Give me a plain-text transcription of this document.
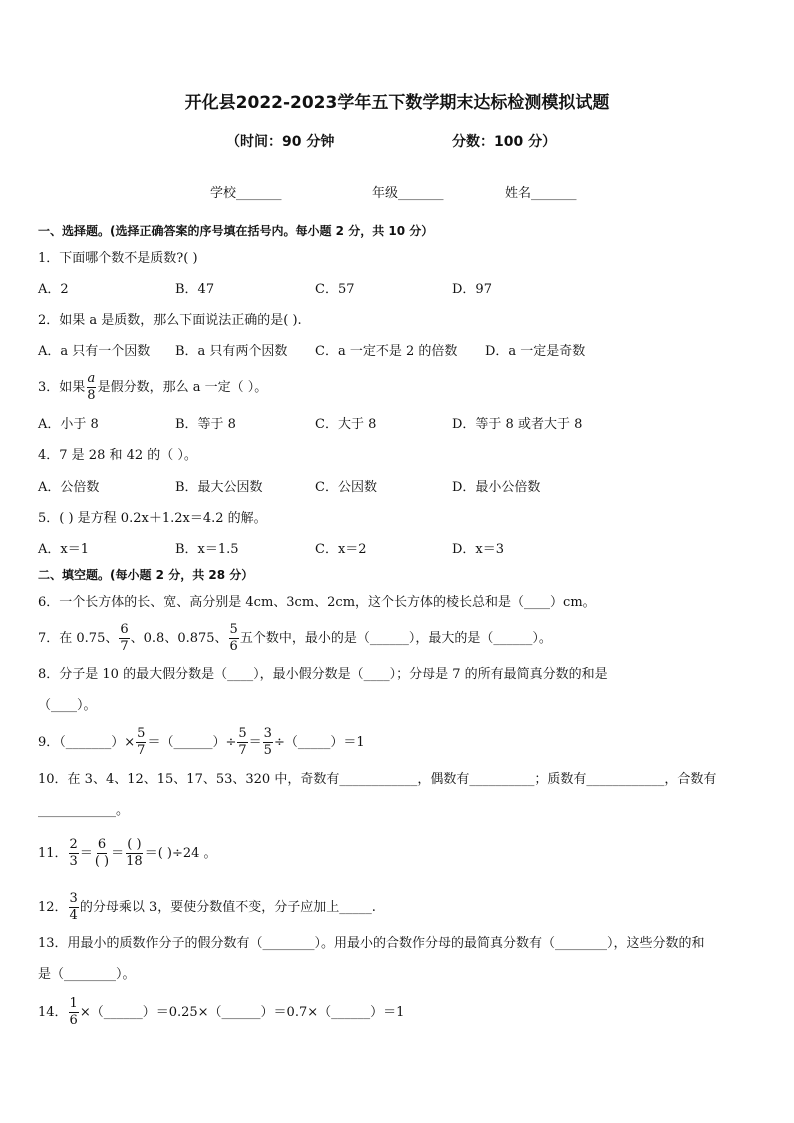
开化县2022-2023学年五下数学期末达标检测模拟试题
（时间：90 分钟	分数：100 分）
学校_______	年级_______	姓名_______
一、选择题。(选择正确答案的序号填在括号内。每小题 2 分，共 10 分）
1．下面哪个数不是质数?( )
A．2	B．47	C．57	D．97
2．如果 a 是质数，那么下面说法正确的是( ).
A．a 只有一个因数 B．a 只有两个因数 C．a 一定不是 2 的倍数 D．a 一定是奇数
3．如果 $\frac{a}{8}$ 是假分数，那么 a 一定（ ）。
A．小于 8	B．等于 8	C．大于 8	D．等于 8 或者大于 8
4．7 是 28 和 42 的（ ）。
A．公倍数	B．最大公因数	C．公因数	D．最小公倍数
5．( ) 是方程 0.2x＋1.2x＝4.2 的解。
A．x＝1	B．x＝1.5	C．x＝2	D．x＝3
二、填空题。(每小题 2 分，共 28 分）
6．一个长方体的长、宽、高分别是 4cm、3cm、2cm，这个长方体的棱长总和是（____）cm。
7．在 0.75、 $\frac{6}{7}$ 、0.8、0.875、 $\frac{5}{6}$ 五个数中，最小的是（______），最大的是（______）。
8．分子是 10 的最大假分数是（____），最小假分数是（____）；分母是 7 的所有最简真分数的和是
（____）。
9．（_______）× $\frac{5}{7}$ ＝（______）÷ $\frac{5}{7} = \frac{3}{5}$ ÷（_____）＝1
10．在 3、4、12、15、17、53、320 中，奇数有____________，偶数有__________；质数有____________，合数有
____________。
11． $\frac{2}{3}$ ＝
6
( )
＝
( )
18
＝( )÷24 。
12． $\frac{3}{4}$ 的分母乘以 3，要使分数值不变，分子应加上_____.
13．用最小的质数作分子的假分数有（________）。用最小的合数作分母的最简真分数有（________），这些分数的和
是（________）。
14． $\frac{1}{6}$ ×（______）＝0.25×（______）＝0.7×（______）＝1
